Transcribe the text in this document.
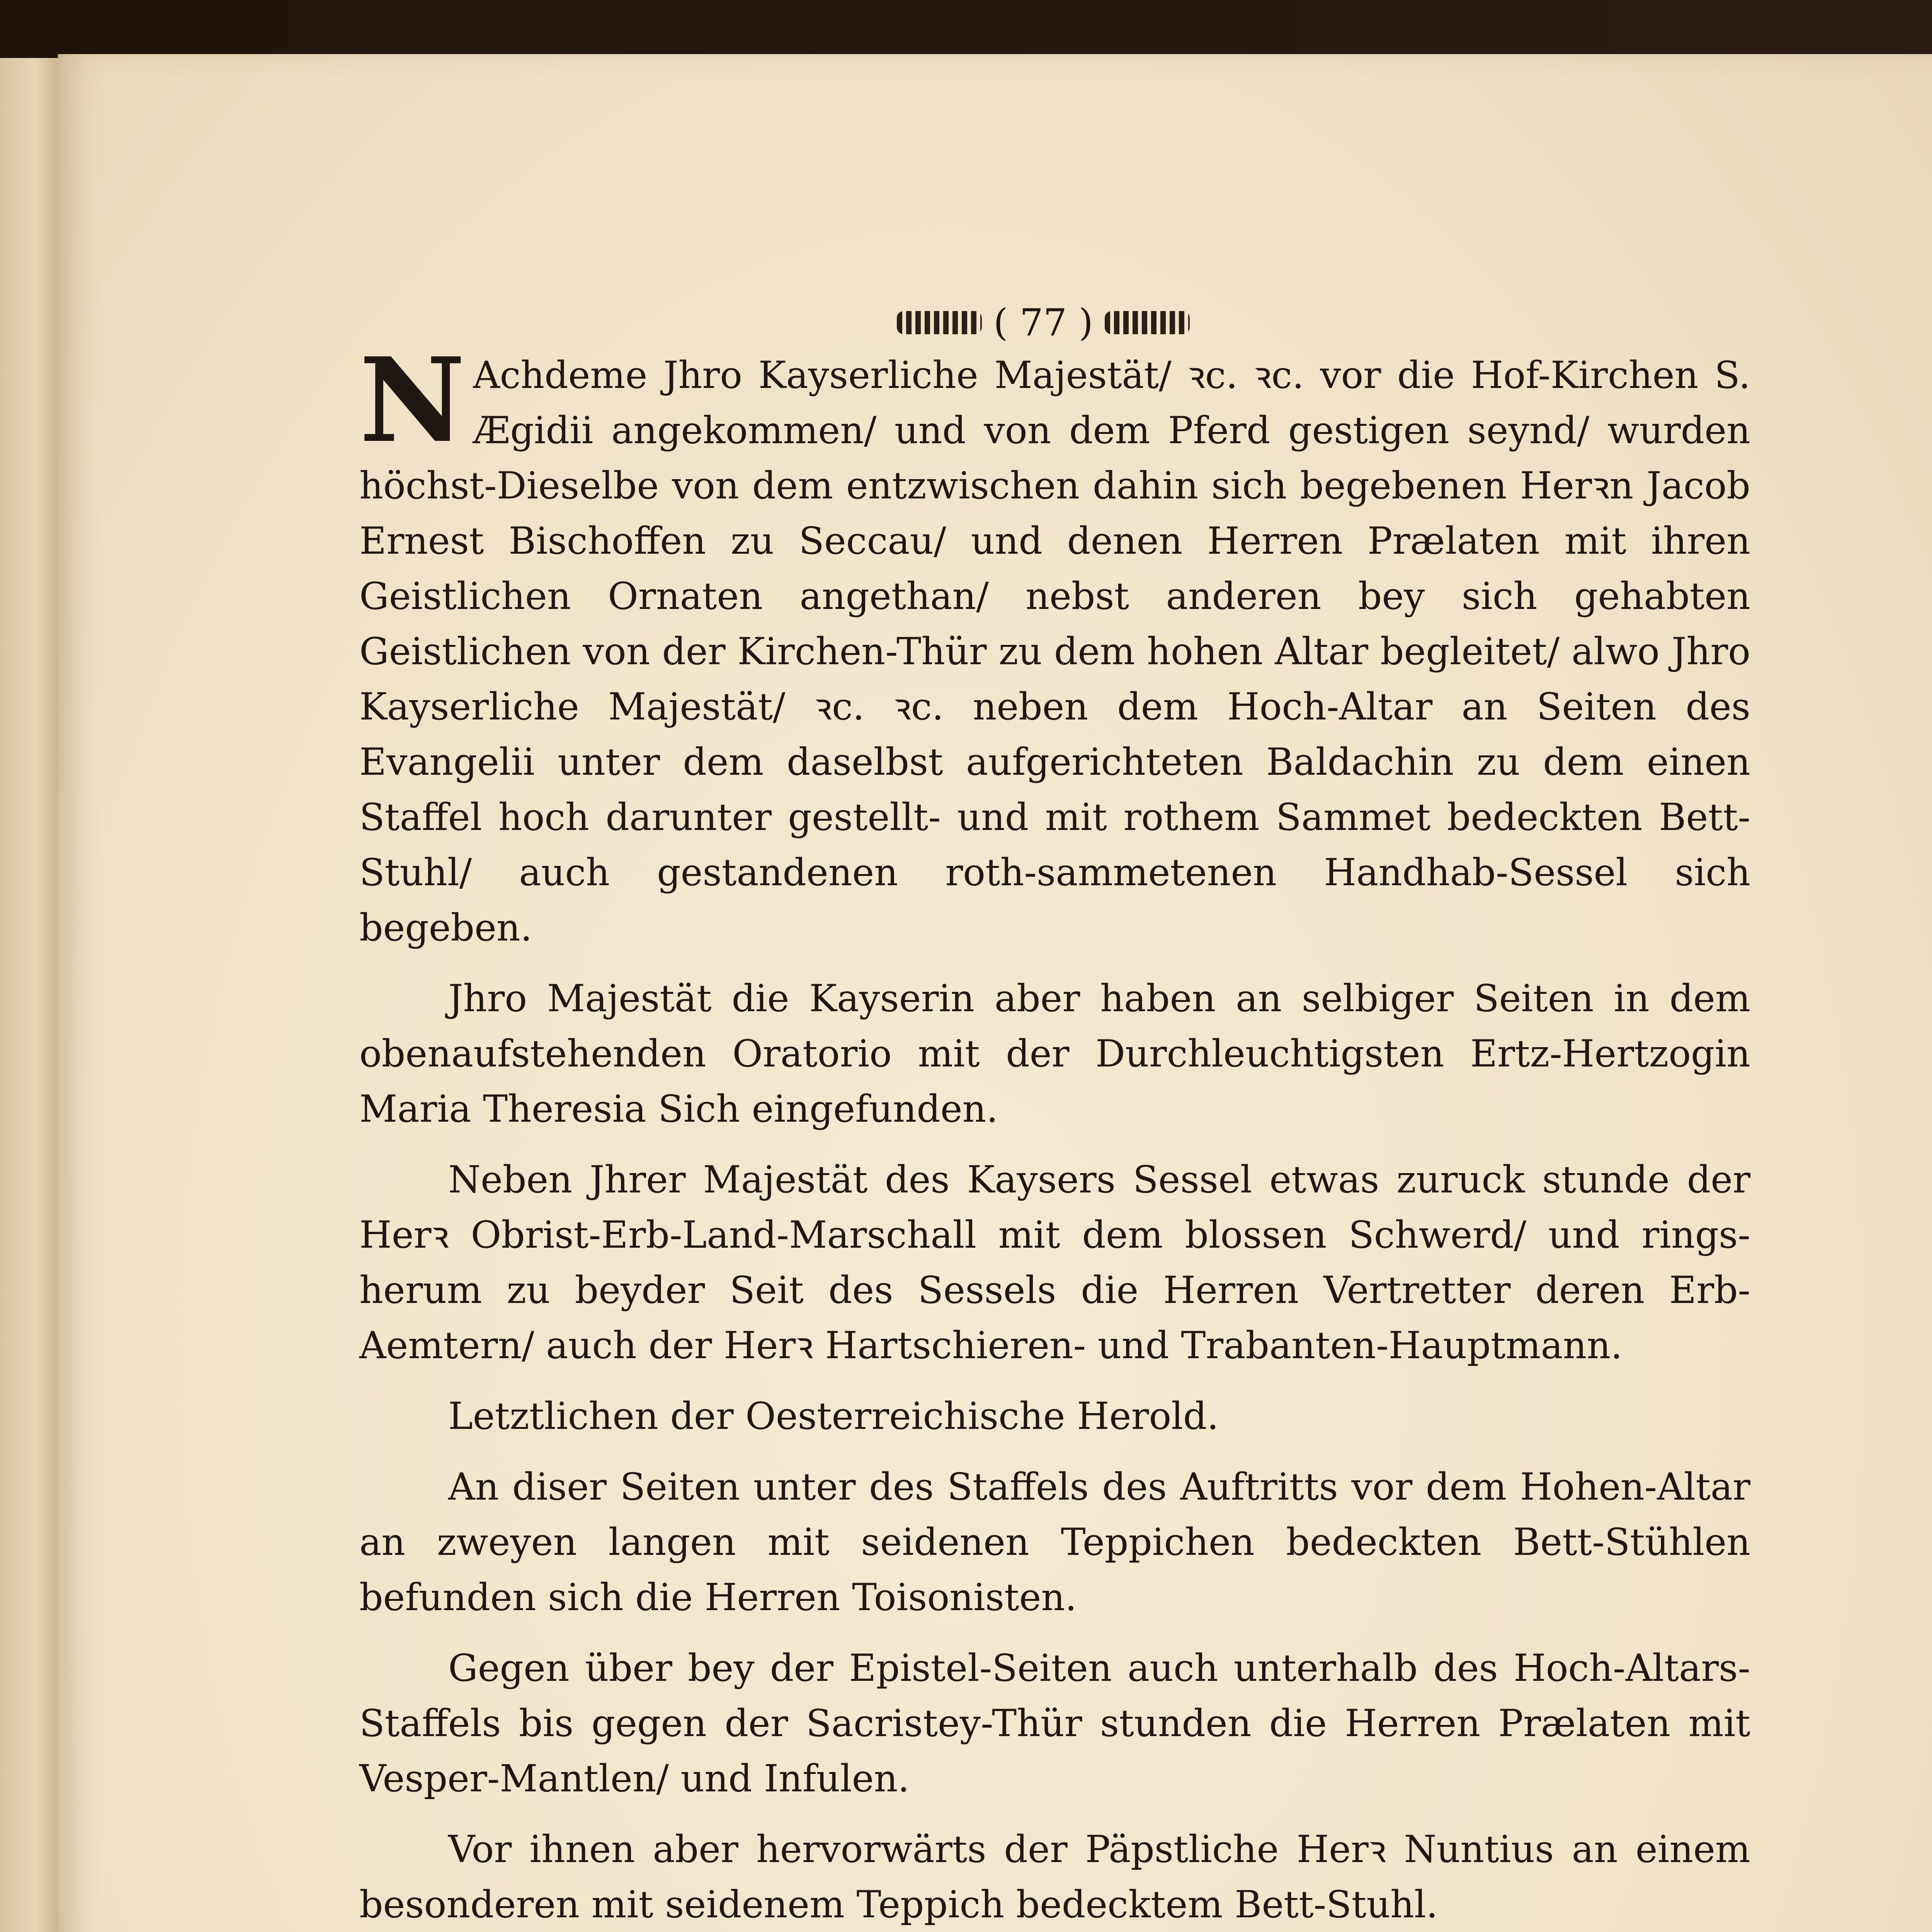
( 77 )

N Achdeme Jhro Kayserliche Majestät/ ꝛc. ꝛc. vor die Hof-Kirchen S. Ægidii angekommen/ und von dem Pferd gestigen seynd/ wurden höchst-Dieselbe von dem entzwischen dahin sich begebenen Herꝛn Jacob Ernest Bischoffen zu Seccau/ und denen Herren Prælaten mit ihren Geistlichen Ornaten angethan/ nebst anderen bey sich gehabten Geistlichen von der Kirchen-Thür zu dem hohen Altar begleitet/ alwo Jhro Kayserliche Majestät/ ꝛc. ꝛc. neben dem Hoch-Altar an Seiten des Evangelii unter dem daselbst aufgerichteten Baldachin zu dem einen Staffel hoch darunter gestellt- und mit rothem Sammet bedeckten Bett-Stuhl/ auch gestandenen roth-sammetenen Handhab-Sessel sich begeben.

Jhro Majestät die Kayserin aber haben an selbiger Seiten in dem obenaufstehenden Oratorio mit der Durchleuchtigsten Ertz-Hertzogin Maria Theresia Sich eingefunden.

Neben Jhrer Majestät des Kaysers Sessel etwas zuruck stunde der Herꝛ Obrist-Erb-Land-Marschall mit dem blossen Schwerd/ und rings-herum zu beyder Seit des Sessels die Herren Vertretter deren Erb-Aemtern/ auch der Herꝛ Hartschieren- und Trabanten-Hauptmann.

Letztlichen der Oesterreichische Herold.

An diser Seiten unter des Staffels des Auftritts vor dem Hohen-Altar an zweyen langen mit seidenen Teppichen bedeckten Bett-Stühlen befunden sich die Herren Toisonisten.

Gegen über bey der Epistel-Seiten auch unterhalb des Hoch-Altars-Staffels bis gegen der Sacristey-Thür stunden die Herren Prælaten mit Vesper-Mantlen/ und Infulen.

Vor ihnen aber hervorwärts der Päpstliche Herꝛ Nuntius an einem besonderen mit seidenem Teppich bedecktem Bett-Stuhl.
